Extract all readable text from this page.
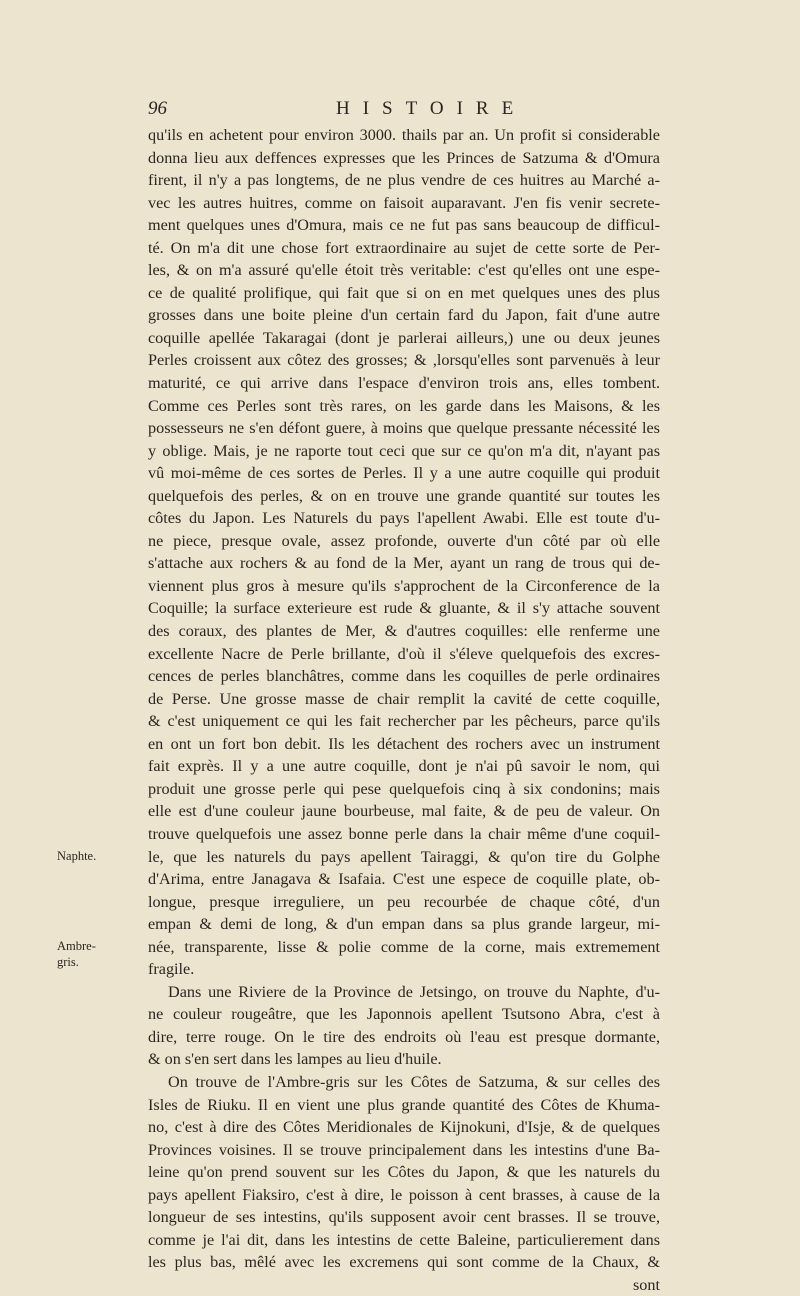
96	HISTOIRE
Naphte.
Ambre-
gris.
qu'ils en achetent pour environ 3000. thails par an. Un profit si considerable
donna lieu aux deffences expresses que les Princes de Satzuma & d'Omura
firent, il n'y a pas longtems, de ne plus vendre de ces huitres au Marché a-
vec les autres huitres, comme on faisoit auparavant. J'en fis venir secrete-
ment quelques unes d'Omura, mais ce ne fut pas sans beaucoup de difficul-
té. On m'a dit une chose fort extraordinaire au sujet de cette sorte de Per-
les, & on m'a assuré qu'elle étoit très veritable: c'est qu'elles ont une espe-
ce de qualité prolifique, qui fait que si on en met quelques unes des plus
grosses dans une boite pleine d'un certain fard du Japon, fait d'une autre
coquille apellée Takaragai (dont je parlerai ailleurs,) une ou deux jeunes
Perles croissent aux côtez des grosses; & ,lorsqu'elles sont parvenuës à leur
maturité, ce qui arrive dans l'espace d'environ trois ans, elles tombent.
Comme ces Perles sont très rares, on les garde dans les Maisons, & les
possesseurs ne s'en défont guere, à moins que quelque pressante nécessité les
y oblige. Mais, je ne raporte tout ceci que sur ce qu'on m'a dit, n'ayant pas
vû moi-même de ces sortes de Perles. Il y a une autre coquille qui produit
quelquefois des perles, & on en trouve une grande quantité sur toutes les
côtes du Japon. Les Naturels du pays l'apellent Awabi. Elle est toute d'u-
ne piece, presque ovale, assez profonde, ouverte d'un côté par où elle
s'attache aux rochers & au fond de la Mer, ayant un rang de trous qui de-
viennent plus gros à mesure qu'ils s'approchent de la Circonference de la
Coquille; la surface exterieure est rude & gluante, & il s'y attache souvent
des coraux, des plantes de Mer, & d'autres coquilles: elle renferme une
excellente Nacre de Perle brillante, d'où il s'éleve quelquefois des excres-
cences de perles blanchâtres, comme dans les coquilles de perle ordinaires
de Perse. Une grosse masse de chair remplit la cavité de cette coquille,
& c'est uniquement ce qui les fait rechercher par les pêcheurs, parce qu'ils
en ont un fort bon debit. Ils les détachent des rochers avec un instrument
fait exprès. Il y a une autre coquille, dont je n'ai pû savoir le nom, qui
produit une grosse perle qui pese quelquefois cinq à six condonins; mais
elle est d'une couleur jaune bourbeuse, mal faite, & de peu de valeur. On
trouve quelquefois une assez bonne perle dans la chair même d'une coquil-
le, que les naturels du pays apellent Tairaggi, & qu'on tire du Golphe
d'Arima, entre Janagava & Isafaia. C'est une espece de coquille plate, ob-
longue, presque irreguliere, un peu recourbée de chaque côté, d'un
empan & demi de long, & d'un empan dans sa plus grande largeur, mi-
née, transparente, lisse & polie comme de la corne, mais extremement
fragile.
Dans une Riviere de la Province de Jetsingo, on trouve du Naphte, d'u-
ne couleur rougeâtre, que les Japonnois apellent Tsutsono Abra, c'est à
dire, terre rouge. On le tire des endroits où l'eau est presque dormante,
& on s'en sert dans les lampes au lieu d'huile.
On trouve de l'Ambre-gris sur les Côtes de Satzuma, & sur celles des
Isles de Riuku. Il en vient une plus grande quantité des Côtes de Khuma-
no, c'est à dire des Côtes Meridionales de Kijnokuni, d'Isje, & de quelques
Provinces voisines. Il se trouve principalement dans les intestins d'une Ba-
leine qu'on prend souvent sur les Côtes du Japon, & que les naturels du
pays apellent Fiaksiro, c'est à dire, le poisson à cent brasses, à cause de la
longueur de ses intestins, qu'ils supposent avoir cent brasses. Il se trouve,
comme je l'ai dit, dans les intestins de cette Baleine, particulierement dans
les plus bas, mêlé avec les excremens qui sont comme de la Chaux, &
sont
